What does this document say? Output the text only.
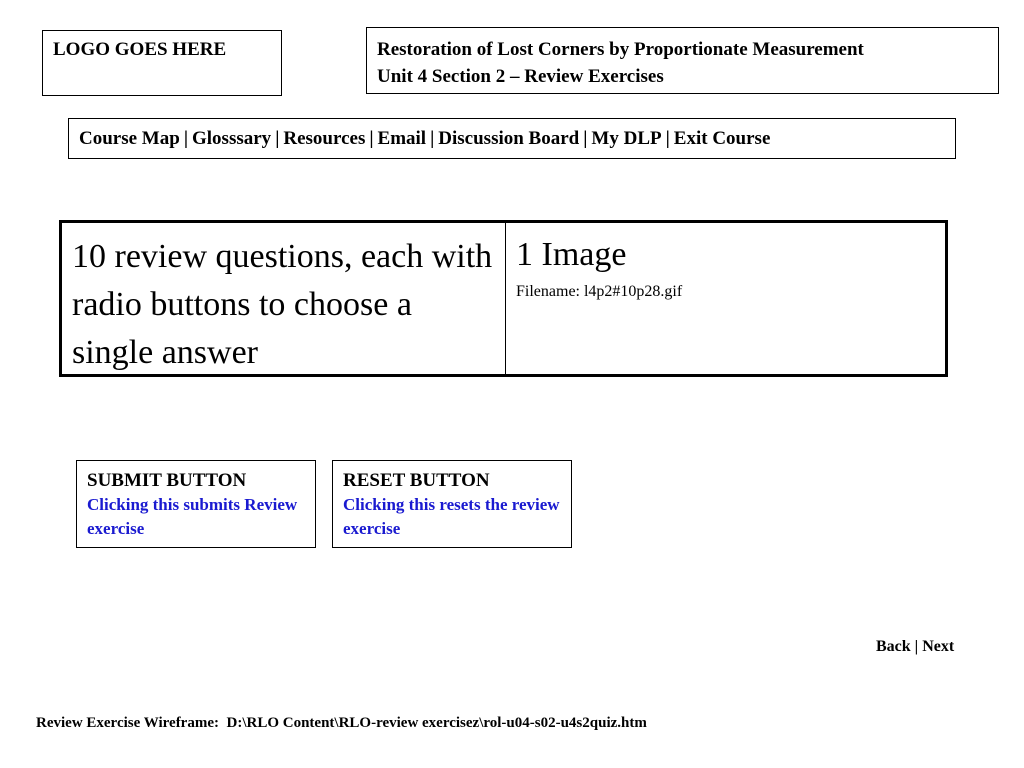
LOGO GOES HERE	Restoration of Lost Corners by Proportionate Measurement
Unit 4 Section 2 – Review Exercises
Course Map | Glosssary | Resources | Email | Discussion Board | My DLP | Exit Course
10 review questions, each with radio buttons to choose a single answer
1 Image
Filename: l4p2#10p28.gif
SUBMIT BUTTON
Clicking this submits Review exercise
RESET BUTTON
Clicking this resets the review exercise
Back | Next
Review Exercise Wireframe:  D:\RLO Content\RLO-review exercisez\rol-u04-s02-u4s2quiz.htm
